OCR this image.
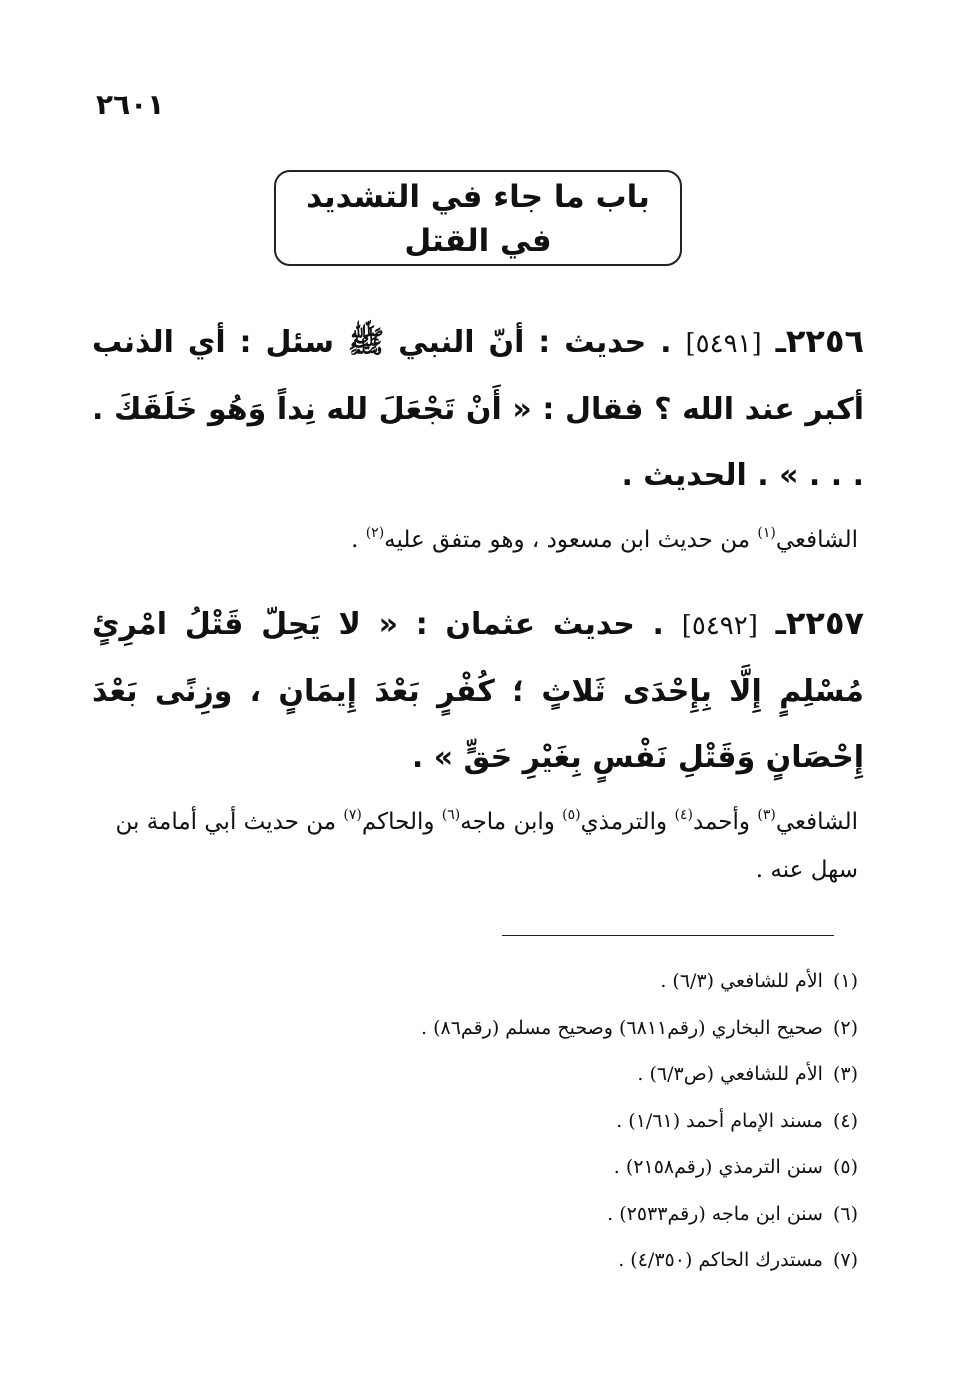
٢٦٠١
باب ما جاء في التشديد
في القتل
٢٢٥٦ـ [٥٤٩١] . حديث : أنّ النبي ﷺ سئل : أي الذنب أكبر عند الله ؟ فقال : « أَنْ تَجْعَلَ لله نِداً وَهُو خَلَقَكَ . . . . » . الحديث .
الشافعي$^{(١)}$ من حديث ابن مسعود ، وهو متفق عليه$^{(٢)}$ .
٢٢٥٧ـ [٥٤٩٢] . حديث عثمان : « لا يَحِلّ قَتْلُ امْرِئٍ مُسْلِمٍ إِلَّا بِإِحْدَى ثَلاثٍ ؛ كُفْرٍ بَعْدَ إِيمَانٍ ، وزِنًى بَعْدَ إِحْصَانٍ وَقَتْلِ نَفْسٍ بِغَيْرِ حَقٍّ » .
الشافعي$^{(٣)}$ وأحمد$^{(٤)}$ والترمذي$^{(٥)}$ وابن ماجه$^{(٦)}$ والحاكم$^{(٧)}$ من حديث أبي أمامة بن سهل عنه .
(١)الأم للشافعي (٦/٣) .
(٢)صحيح البخاري (رقم٦٨١١) وصحيح مسلم (رقم٨٦) .
(٣)الأم للشافعي (ص٦/٣) .
(٤)مسند الإمام أحمد (١/٦١) .
(٥)سنن الترمذي (رقم٢١٥٨) .
(٦)سنن ابن ماجه (رقم٢٥٣٣) .
(٧)مستدرك الحاكم (٤/٣٥٠) .
